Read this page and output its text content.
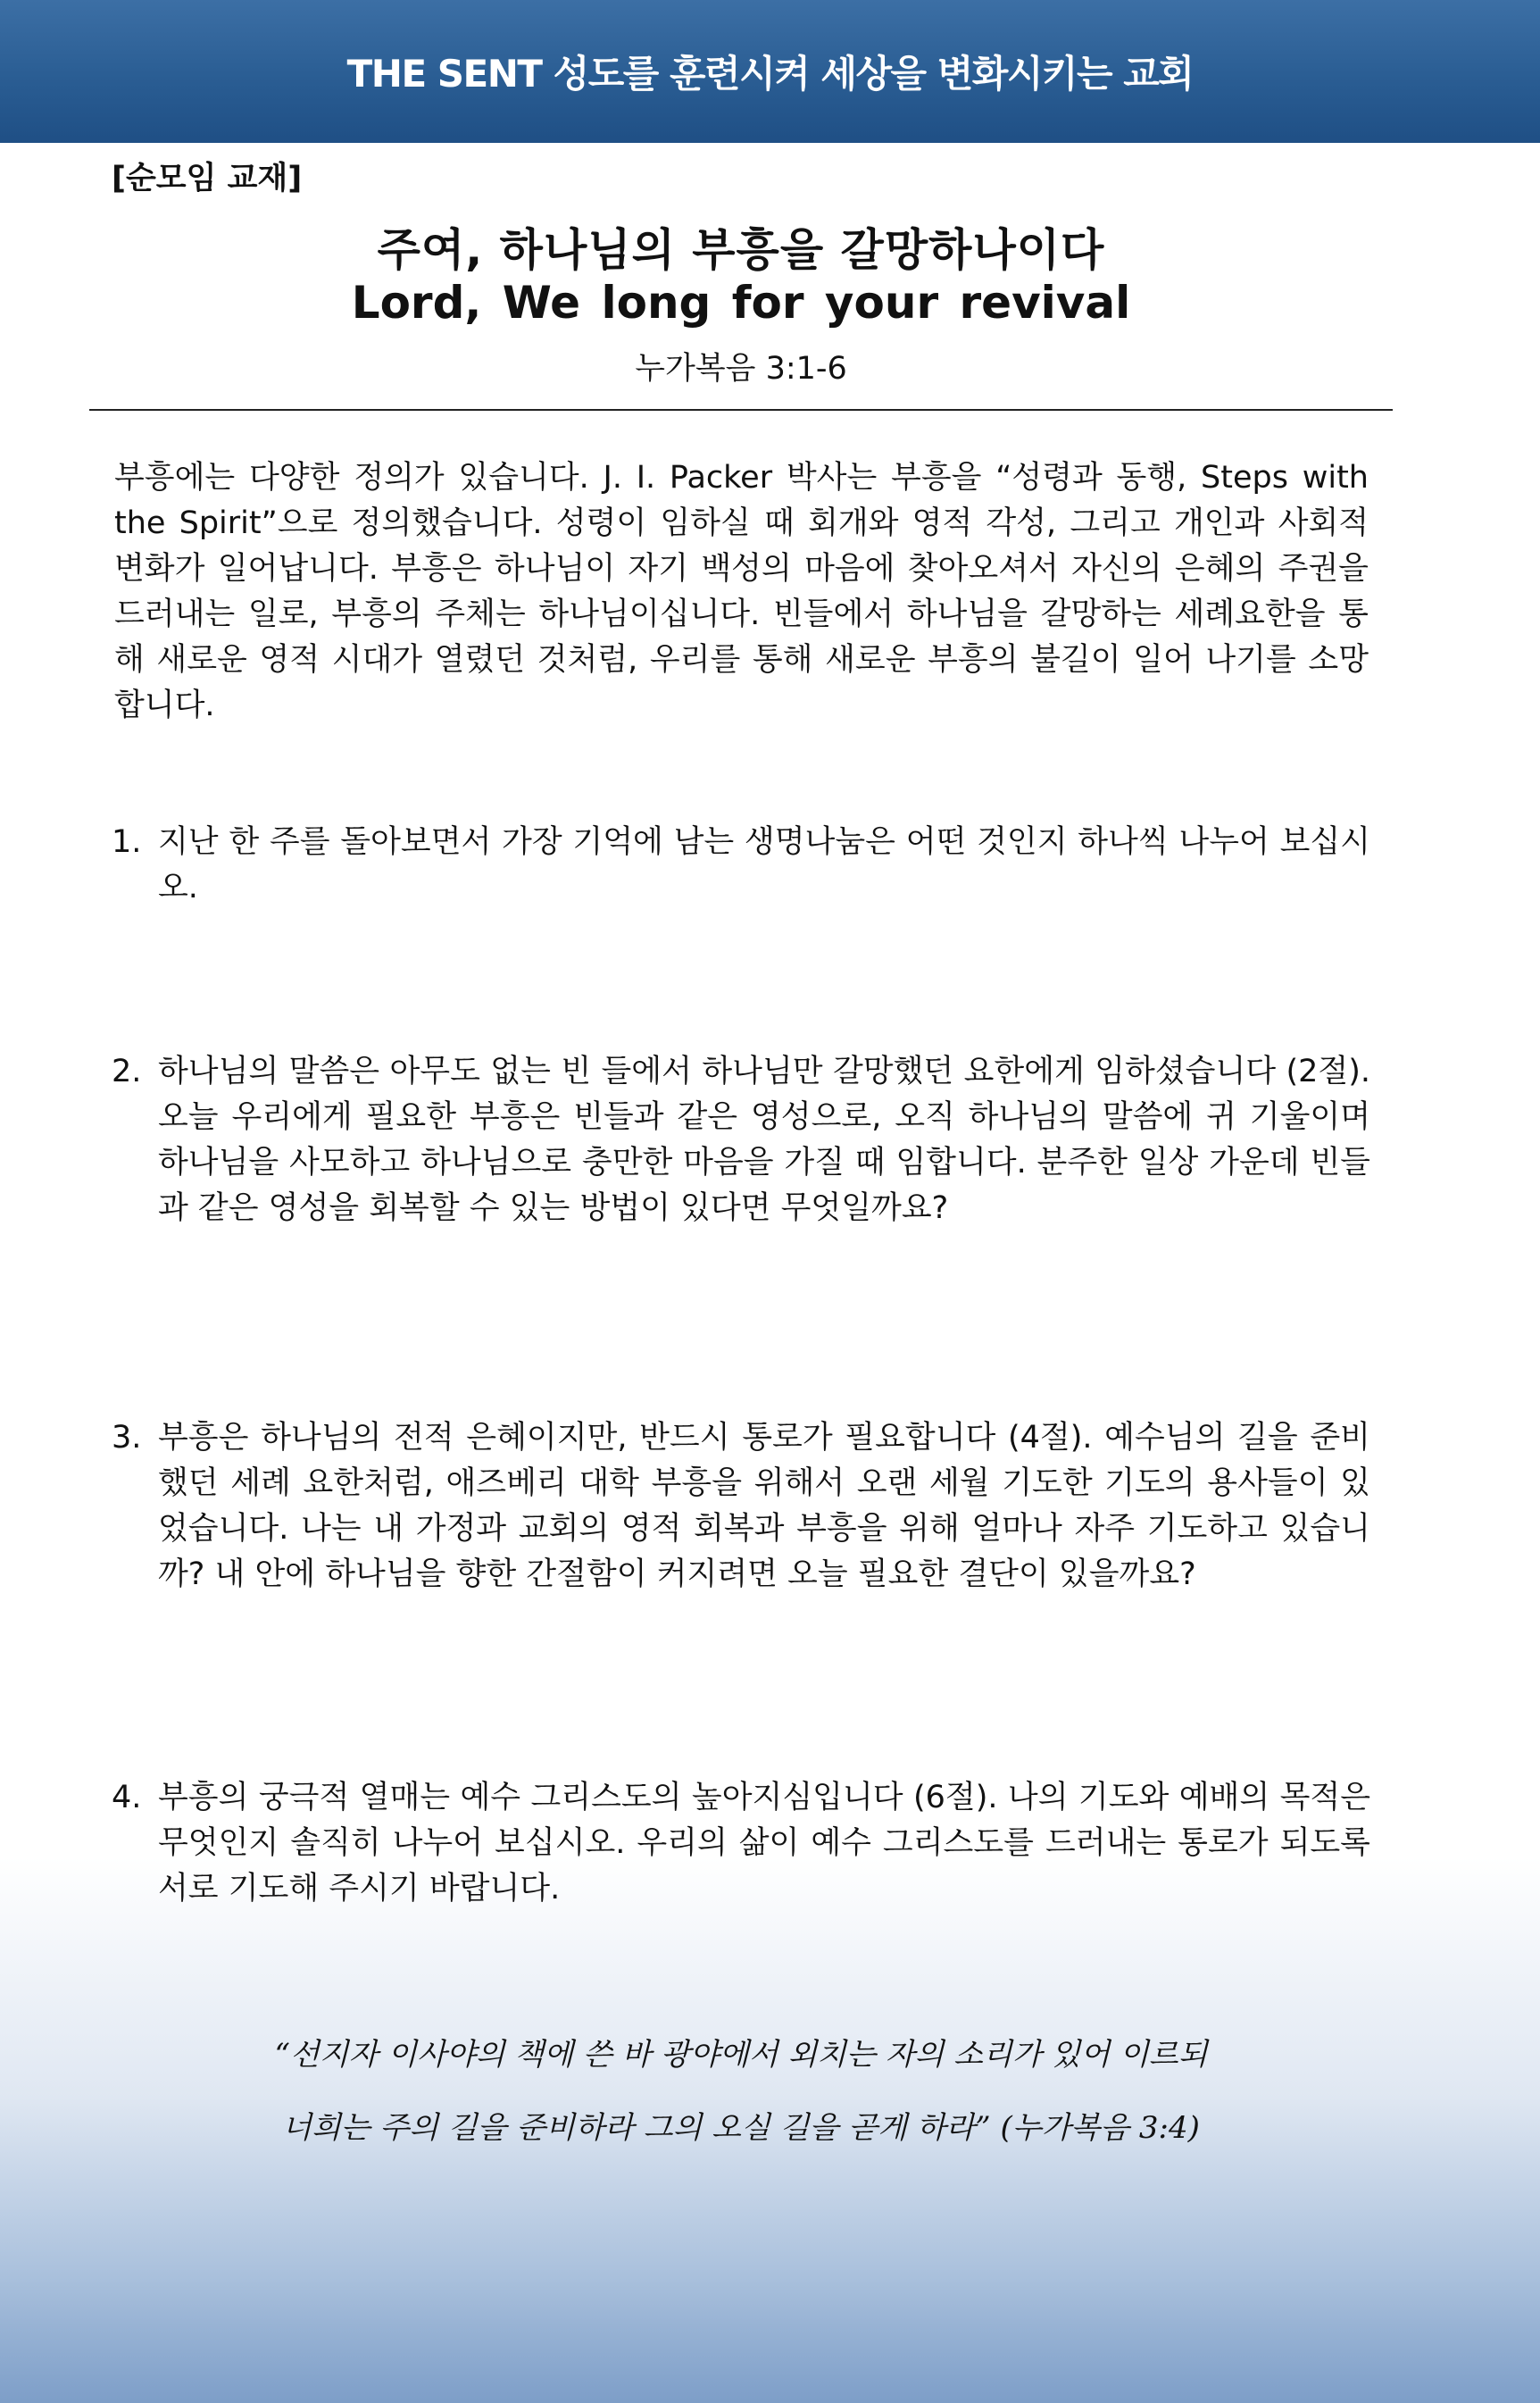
THE SENT 성도를 훈련시켜 세상을 변화시키는 교회
[순모임 교재]
주여, 하나님의 부흥을 갈망하나이다
Lord, We long for your revival
누가복음 3:1-6
부흥에는 다양한 정의가 있습니다. J. I. Packer 박사는 부흥을 “성령과 동행, Steps with the Spirit”으로 정의했습니다. 성령이 임하실 때 회개와 영적 각성, 그리고 개인과 사회적 변화가 일어납니다. 부흥은 하나님이 자기 백성의 마음에 찾아오셔서 자신의 은혜의 주권을 드러내는 일로, 부흥의 주체는 하나님이십니다. 빈들에서 하나님을 갈망하는 세례요한을 통해 새로운 영적 시대가 열렸던 것처럼, 우리를 통해 새로운 부흥의 불길이 일어 나기를 소망합니다.
1. 지난 한 주를 돌아보면서 가장 기억에 남는 생명나눔은 어떤 것인지 하나씩 나누어 보십시오.
2. 하나님의 말씀은 아무도 없는 빈 들에서 하나님만 갈망했던 요한에게 임하셨습니다 (2절). 오늘 우리에게 필요한 부흥은 빈들과 같은 영성으로, 오직 하나님의 말씀에 귀 기울이며 하나님을 사모하고 하나님으로 충만한 마음을 가질 때 임합니다. 분주한 일상 가운데 빈들과 같은 영성을 회복할 수 있는 방법이 있다면 무엇일까요?
3. 부흥은 하나님의 전적 은혜이지만, 반드시 통로가 필요합니다 (4절). 예수님의 길을 준비했던 세례 요한처럼, 애즈베리 대학 부흥을 위해서 오랜 세월 기도한 기도의 용사들이 있었습니다. 나는 내 가정과 교회의 영적 회복과 부흥을 위해 얼마나 자주 기도하고 있습니까? 내 안에 하나님을 향한 간절함이 커지려면 오늘 필요한 결단이 있을까요?
4. 부흥의 궁극적 열매는 예수 그리스도의 높아지심입니다 (6절). 나의 기도와 예배의 목적은 무엇인지 솔직히 나누어 보십시오. 우리의 삶이 예수 그리스도를 드러내는 통로가 되도록 서로 기도해 주시기 바랍니다.
“선지자 이사야의 책에 쓴 바 광야에서 외치는 자의 소리가 있어 이르되
너희는 주의 길을 준비하라 그의 오실 길을 곧게 하라” (누가복음 3:4)
